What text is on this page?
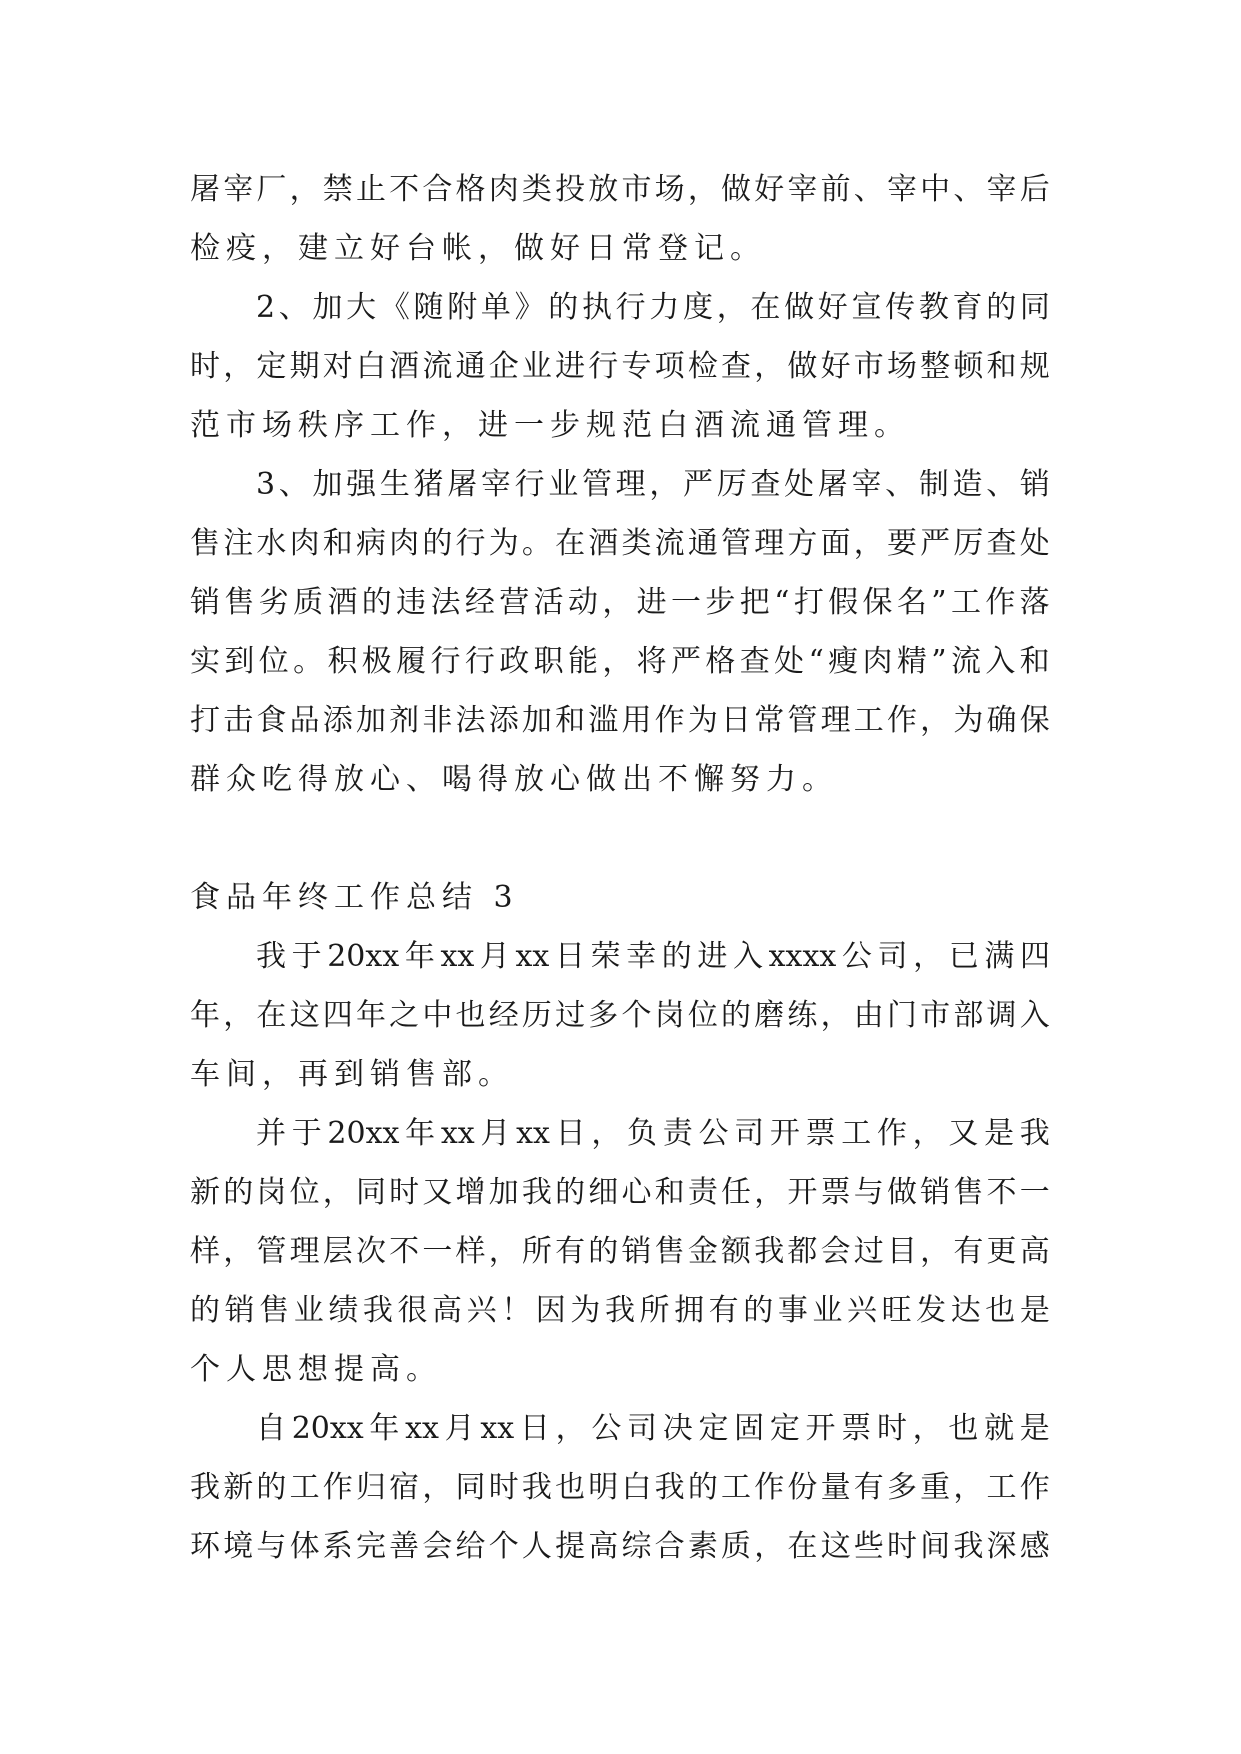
屠 宰 厂 ， 禁 止 不 合 格 肉 类 投 放 市 场 ， 做 好 宰 前 、 宰 中 、 宰 后
检疫，建立好台帐，做好日常登记。
2 、 加 大 《 随 附 单 》 的 执 行 力 度 ， 在 做 好 宣 传 教 育 的 同
时 ， 定 期 对 白 酒 流 通 企 业 进 行 专 项 检 查 ， 做 好 市 场 整 顿 和 规
范市场秩序工作，进一步规范白酒流通管理。
3 、 加 强 生 猪 屠 宰 行 业 管 理 ， 严 厉 查 处 屠 宰 、 制 造 、 销
售 注 水 肉 和 病 肉 的 行 为 。 在 酒 类 流 通 管 理 方 面 ， 要 严 厉 查 处
销 售 劣 质 酒 的 违 法 经 营 活 动 ， 进 一 步 把 “ 打 假 保 名 ” 工 作 落
实 到 位 。 积 极 履 行 行 政 职 能 ， 将 严 格 查 处 “ 瘦 肉 精 ” 流 入 和
打 击 食 品 添 加 剂 非 法 添 加 和 滥 用 作 为 日 常 管 理 工 作 ， 为 确 保
群众吃得放心、喝得放心做出不懈努力。
食品年终工作总结 3
我 于 20xx 年 xx 月 xx 日 荣 幸 的 进 入 xxxx 公 司 ， 已 满 四
年 ， 在 这 四 年 之 中 也 经 历 过 多 个 岗 位 的 磨 练 ， 由 门 市 部 调 入
车间，再到销售部。
并 于 20xx 年 xx 月 xx 日 ， 负 责 公 司 开 票 工 作 ， 又 是 我
新 的 岗 位 ， 同 时 又 增 加 我 的 细 心 和 责 任 ， 开 票 与 做 销 售 不 一
样 ， 管 理 层 次 不 一 样 ， 所 有 的 销 售 金 额 我 都 会 过 目 ， 有 更 高
的 销 售 业 绩 我 很 高 兴 ！ 因 为 我 所 拥 有 的 事 业 兴 旺 发 达 也 是
个人思想提高。
自 20xx 年 xx 月 xx 日 ， 公 司 决 定 固 定 开 票 时 ， 也 就 是
我 新 的 工 作 归 宿 ， 同 时 我 也 明 白 我 的 工 作 份 量 有 多 重 ， 工 作
环 境 与 体 系 完 善 会 给 个 人 提 高 综 合 素 质 ， 在 这 些 时 间 我 深 感
